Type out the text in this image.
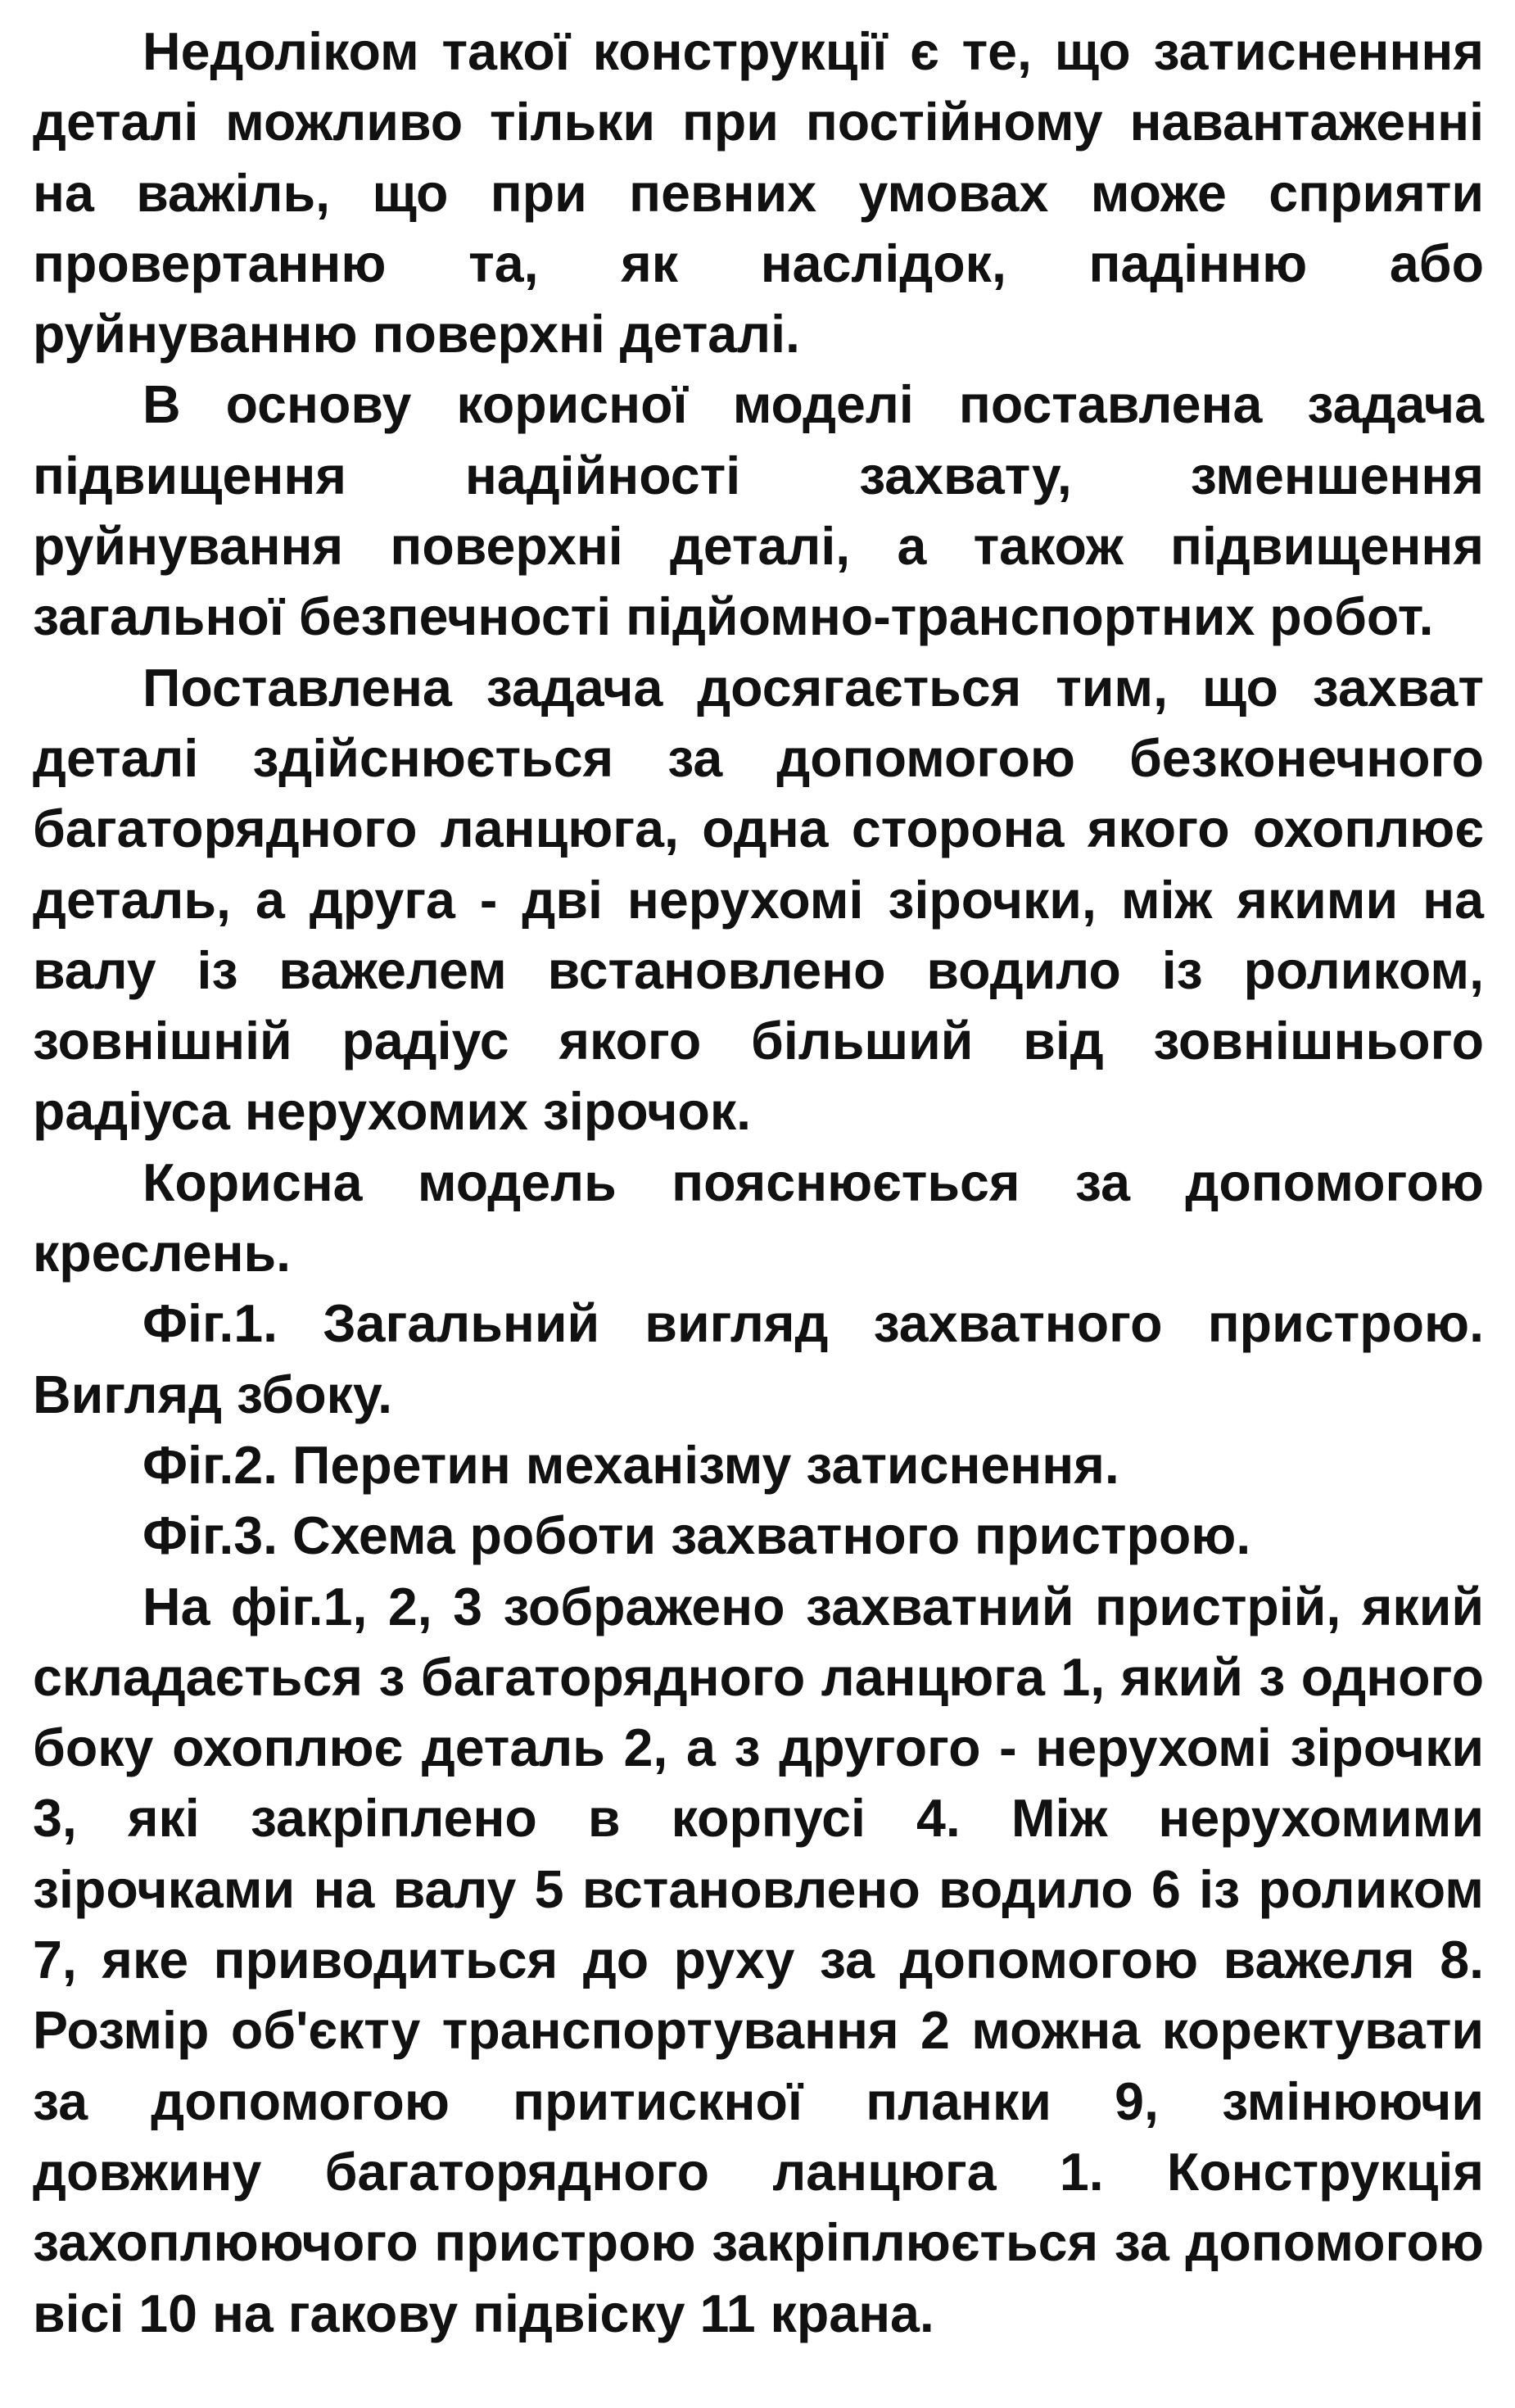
Недоліком такої конструкції є те, що затисненння деталі можливо тільки при постійному навантаженні на важіль, що при певних умовах може сприяти провертанню та, як наслідок, падінню або руйнуванню поверхні деталі.

В основу корисної моделі поставлена задача підвищення надійності захвату, зменшення руйнування поверхні деталі, а також підвищення загальної безпечності підйомно-транспортних робот.

Поставлена задача досягається тим, що захват деталі здійснюється за допомогою безконечного багаторядного ланцюга, одна сторона якого охоплює деталь, а друга - дві нерухомі зірочки, між якими на валу із важелем встановлено водило із роликом, зовнішній радіус якого більший від зовнішнього радіуса нерухомих зірочок.

Корисна модель пояснюється за допомогою креслень.

Фіг.1. Загальний вигляд захватного пристрою. Вигляд збоку.

Фіг.2. Перетин механізму затиснення.

Фіг.3. Схема роботи захватного пристрою.

На фіг.1, 2, 3 зображено захватний пристрій, який складається з багаторядного ланцюга 1, який з одного боку охоплює деталь 2, а з другого - нерухомі зірочки 3, які закріплено в корпусі 4. Між нерухомими зірочками на валу 5 встановлено водило 6 із роликом 7, яке приводиться до руху за допомогою важеля 8. Розмір об'єкту транспортування 2 можна коректувати за допомогою притискної планки 9, змінюючи довжину багаторядного ланцюга 1. Конструкція захоплюючого пристрою закріплюється за допомогою вісі 10 на гакову підвіску 11 крана.
